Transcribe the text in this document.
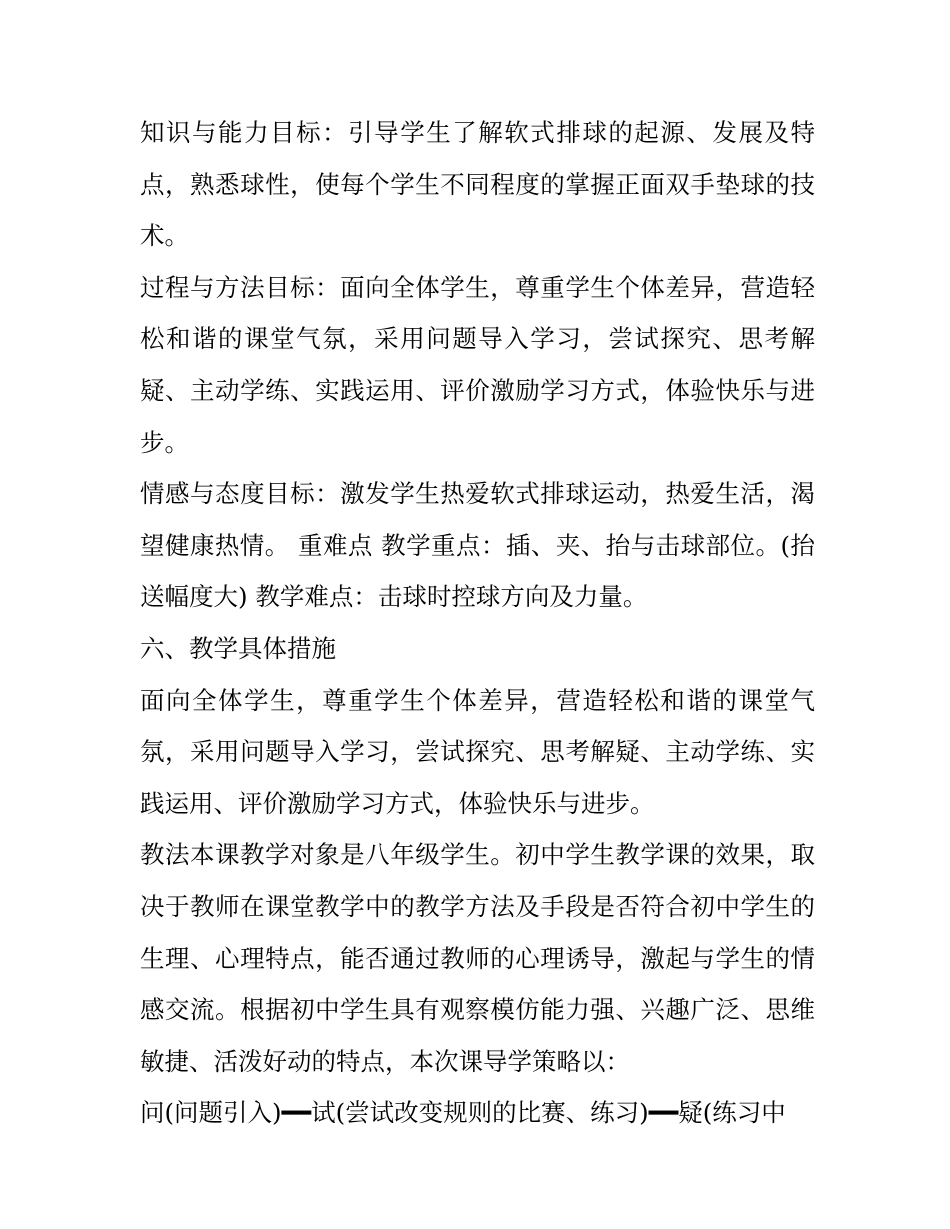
知识与能力目标：引导学生了解软式排球的起源、发展及特点，熟悉球性，使每个学生不同程度的掌握正面双手垫球的技术。

过程与方法目标：面向全体学生，尊重学生个体差异，营造轻松和谐的课堂气氛，采用问题导入学习，尝试探究、思考解疑、主动学练、实践运用、评价激励学习方式，体验快乐与进步。

情感与态度目标：激发学生热爱软式排球运动，热爱生活，渴望健康热情。 重难点 教学重点：插、夹、抬与击球部位。(抬送幅度大) 教学难点：击球时控球方向及力量。

六、教学具体措施

面向全体学生，尊重学生个体差异，营造轻松和谐的课堂气氛，采用问题导入学习，尝试探究、思考解疑、主动学练、实践运用、评价激励学习方式，体验快乐与进步。

教法本课教学对象是八年级学生。初中学生教学课的效果，取决于教师在课堂教学中的教学方法及手段是否符合初中学生的生理、心理特点，能否通过教师的心理诱导，激起与学生的情感交流。根据初中学生具有观察模仿能力强、兴趣广泛、思维敏捷、活泼好动的特点，本次课导学策略以：

问(问题引入)━━试(尝试改变规则的比赛、练习)━━疑(练习中
